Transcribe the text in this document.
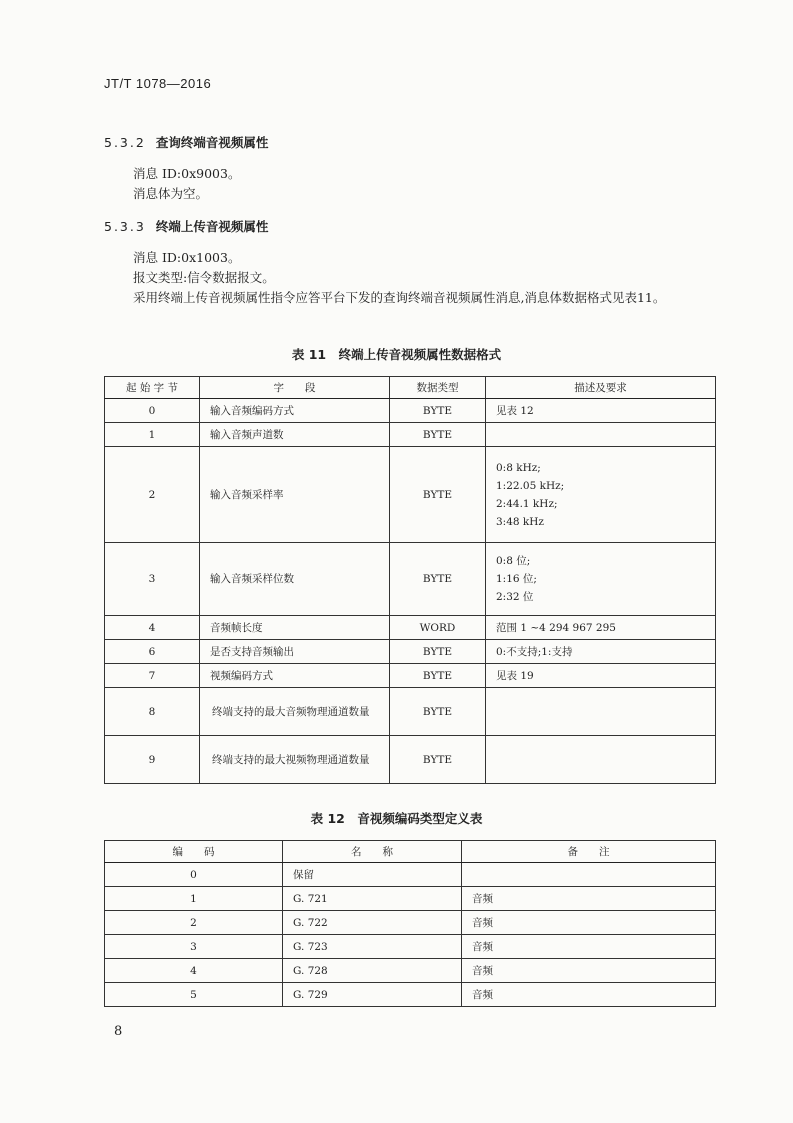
JT/T 1078—2016
5.3.2 查询终端音视频属性
消息 ID:0x9003。
消息体为空。
5.3.3 终端上传音视频属性
消息 ID:0x1003。
报文类型:信令数据报文。
采用终端上传音视频属性指令应答平台下发的查询终端音视频属性消息,消息体数据格式见表11。
表 11　终端上传音视频属性数据格式
起 始 字 节	字　　段	数据类型	描述及要求
0	输入音频编码方式	BYTE	见表 12

1	输入音频声道数	BYTE	
2	输入音频采样率	BYTE	0:8 kHz;
1:22.05 kHz;
2:44.1 kHz;
3:48 kHz

3	输入音频采样位数	BYTE	0:8 位;
1:16 位;
2:32 位

4	音频帧长度	WORD	范围 1 ~4 294 967 295

6	是否支持音频输出	BYTE	0:不支持;1:支持

7	视频编码方式	BYTE	见表 19

8	终端支持的最大音频物理通道数量	BYTE	
9	终端支持的最大视频物理通道数量	BYTE	
表 12　音视频编码类型定义表
编　　码	名　　称	备　　注
0	保留	
1	G. 721	音频
2	G. 722	音频
3	G. 723	音频
4	G. 728	音频
5	G. 729	音频
8
